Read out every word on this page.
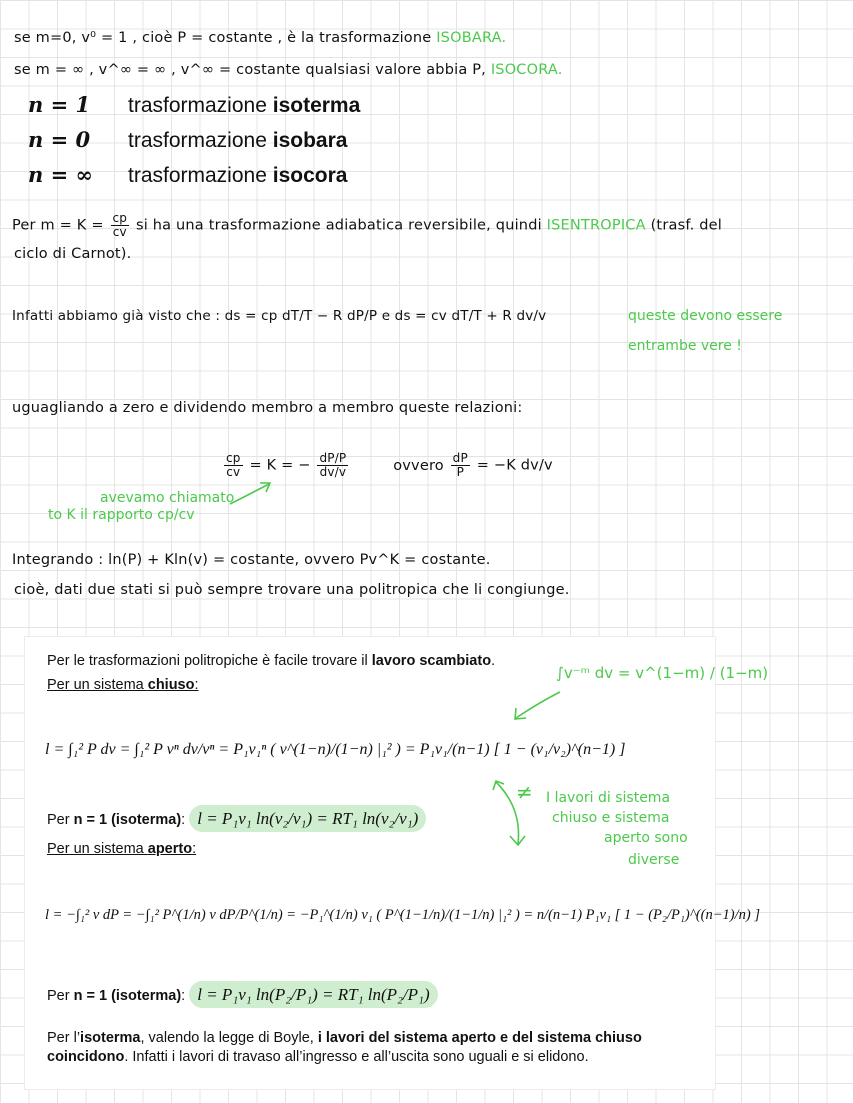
se m=0, v⁰ = 1 , cioè P = costante , è la trasformazione ISOBARA.
se m = ∞ , v^∞ = ∞ , v^∞ = costante qualsiasi valore abbia P, ISOCORA.
n = 1	trasformazione isoterma
n = 0	trasformazione isobara
n = ∞	trasformazione isocora
Per $m = K = \frac{cp}{cv}$ si ha una trasformazione adiabatica reversibile, quindi ISENTROPICA (trasf. del
ciclo di Carnot).
Infatti abbiamo già visto che : ds = cp dT/T − R dP/P e ds = cv dT/T + R dv/v	queste devono essere
entrambe vere !
uguagliando a zero e dividendo membro a membro queste relazioni:
$\frac{cp}{cv} = K$ = − $\frac{dP/P}{dv/v}$	ovvero $\frac{dP}{P} = -K$ dv/v
avevamo chiamato
to K il rapporto cp/cv
Integrando : ln(P) + Kln(v) = costante, ovvero Pv^K = costante.
cioè, dati due stati si può sempre trovare una politropica che li congiunge.
Per le trasformazioni politropiche è facile trovare il lavoro scambiato.
Per un sistema chiuso:
l = ∫₁² P dv = ∫₁² P vⁿ dv/vⁿ = P₁v₁ⁿ ( v^(1−n)/(1−n) |₁² ) = P₁v₁/(n−1) [ 1 − (v₁/v₂)^(n−1) ]
Per n = 1 (isoterma): l = P₁v₁ ln(v₂/v₁) = RT₁ ln(v₂/v₁)
Per un sistema aperto:
l = −∫₁² v dP = −∫₁² P^(1/n) v dP/P^(1/n) = −P₁^(1/n) v₁ ( P^(1−1/n)/(1−1/n) |₁² ) = n/(n−1) P₁v₁ [ 1 − (P₂/P₁)^((n−1)/n) ]
Per n = 1 (isoterma): l = P₁v₁ ln(P₂/P₁) = RT₁ ln(P₂/P₁)
Per l’isoterma, valendo la legge di Boyle, i lavori del sistema aperto e del sistema chiuso coincidono. Infatti i lavori di travaso all’ingresso e all’uscita sono uguali e si elidono.
∫v⁻ᵐ dv = v^(1−m) / (1−m)
≠ I lavori di sistema
chiuso e sistema
aperto sono
diverse
